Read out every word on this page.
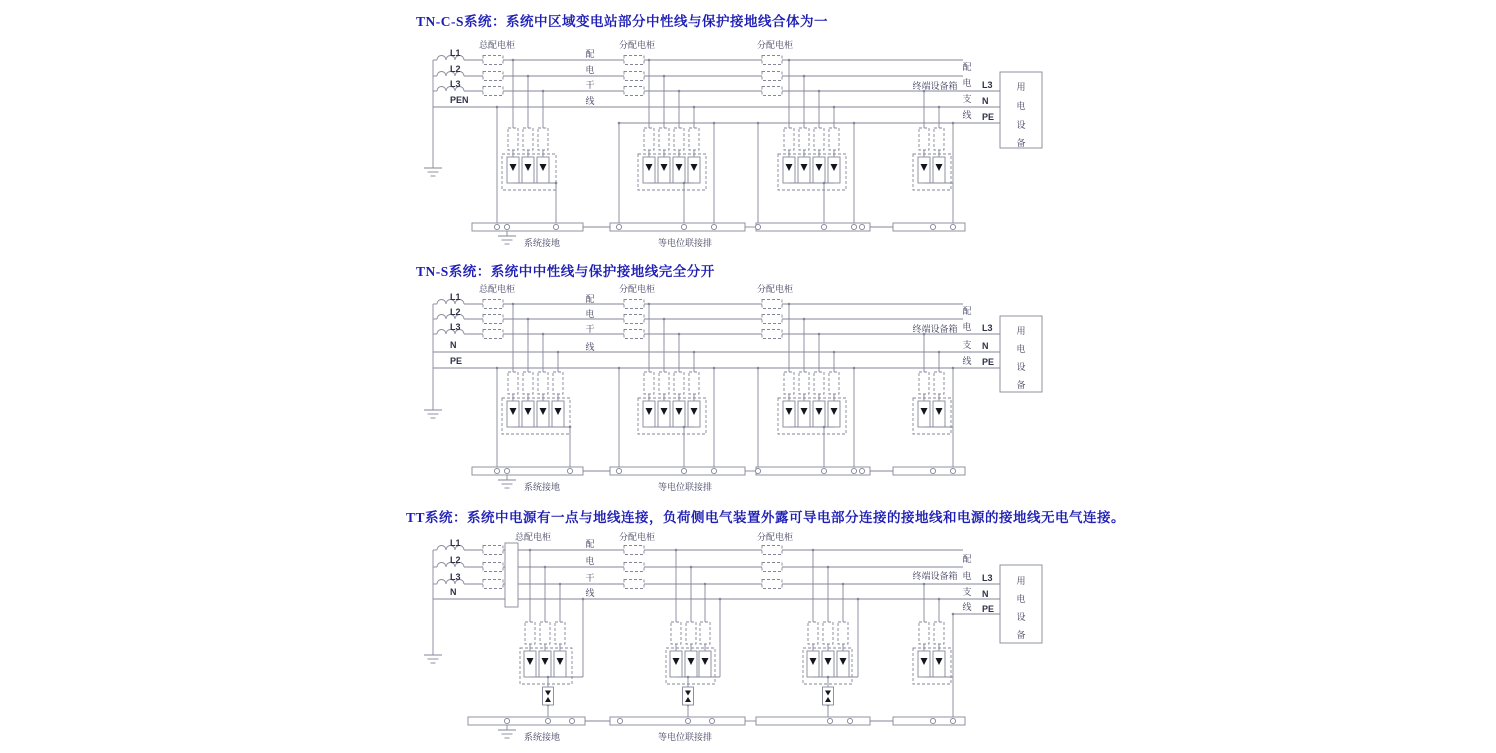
TN-C-S系统：系统中区域变电站部分中性线与保护接地线合体为一
TN-S系统：系统中中性线与保护接地线完全分开
TT系统：系统中电源有一点与地线连接，负荷侧电气装置外露可导电部分连接的接地线和电源的接地线无电气连接。
L1
L2
L3
PEN
总配电柜	分配电柜	分配电柜
配
电
干
线
配
电
支
线
系统接地	等电位联接排
L3
N
PE
终端设备箱	用
电
设
备
L1
L2
L3
N
PE
总配电柜	分配电柜	分配电柜
配
电
干
线
配
电
支
线
系统接地	等电位联接排
L3
N
PE
终端设备箱	用
电
设
备
L1
L2
L3
N
总配电柜	分配电柜	分配电柜
配
电
干
线
配
电
支
线
系统接地	等电位联接排
L3
N
PE
终端设备箱	用
电
设
备
